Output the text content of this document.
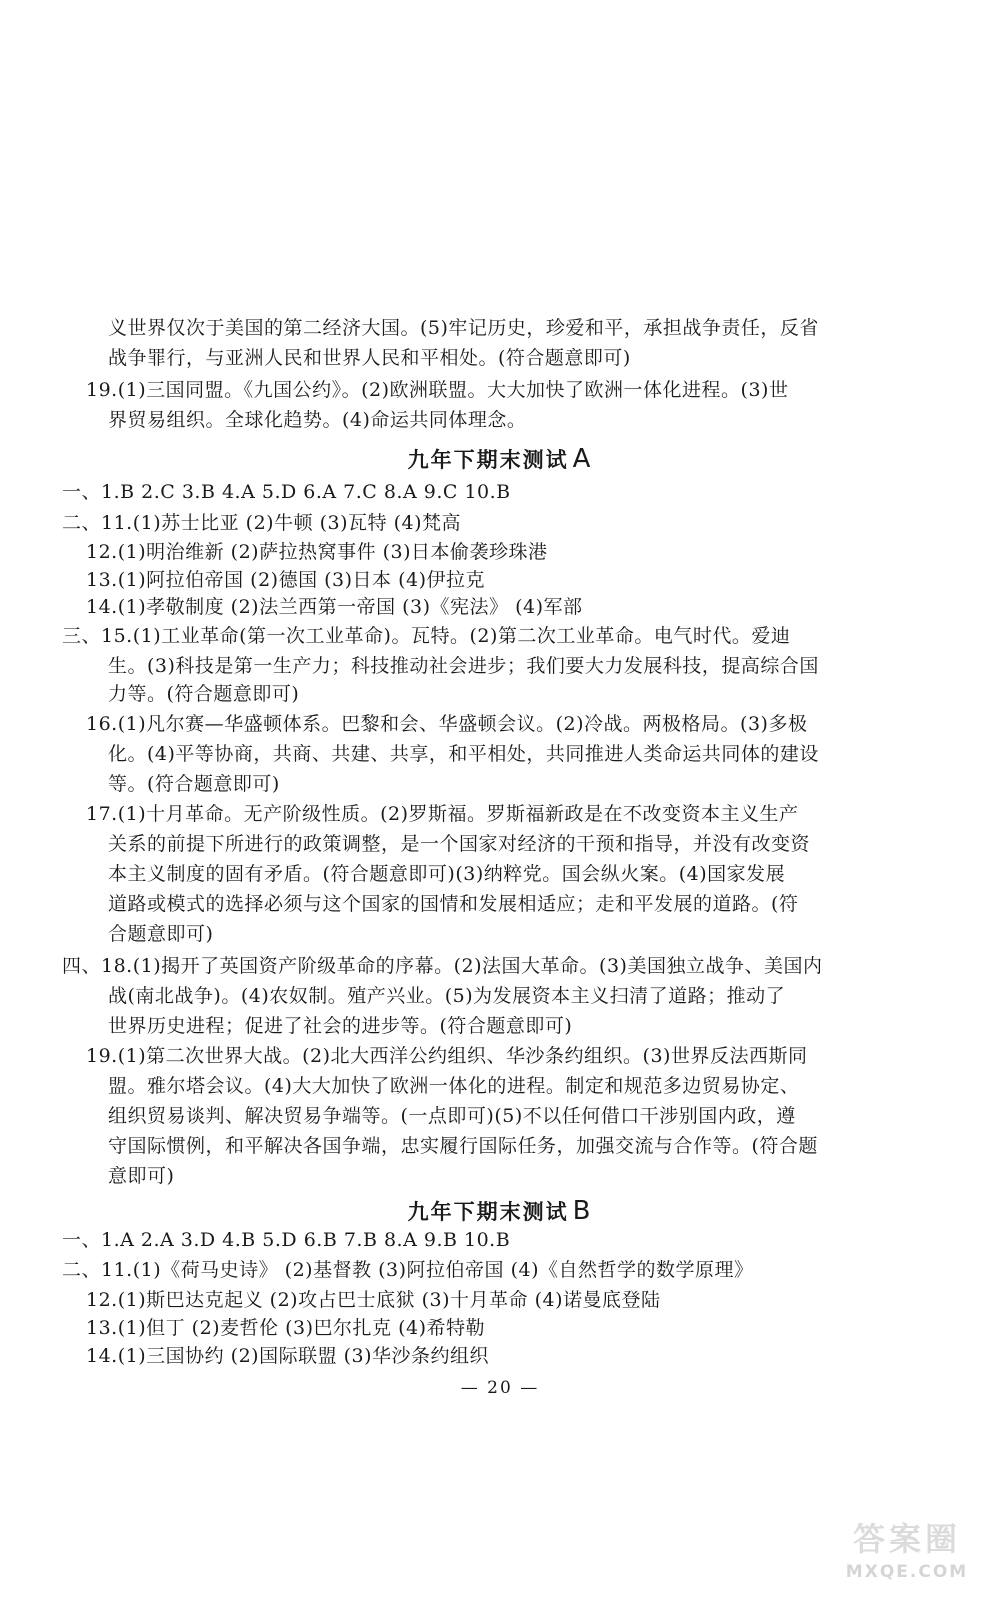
义世界仅次于美国的第二经济大国。(5)牢记历史，珍爱和平，承担战争责任，反省
战争罪行，与亚洲人民和世界人民和平相处。(符合题意即可)
19.(1)三国同盟。《九国公约》。(2)欧洲联盟。大大加快了欧洲一体化进程。(3)世
界贸易组织。全球化趋势。(4)命运共同体理念。
九年下期末测试 A
一、1.B 2.C 3.B 4.A 5.D 6.A 7.C 8.A 9.C 10.B
二、11.(1)苏士比亚 (2)牛顿 (3)瓦特 (4)梵高
12.(1)明治维新 (2)萨拉热窝事件 (3)日本偷袭珍珠港
13.(1)阿拉伯帝国 (2)德国 (3)日本 (4)伊拉克
14.(1)孝敬制度 (2)法兰西第一帝国 (3)《宪法》 (4)军部
三、15.(1)工业革命(第一次工业革命)。瓦特。(2)第二次工业革命。电气时代。爱迪
生。(3)科技是第一生产力；科技推动社会进步；我们要大力发展科技，提高综合国
力等。(符合题意即可)
16.(1)凡尔赛—华盛顿体系。巴黎和会、华盛顿会议。(2)冷战。两极格局。(3)多极
化。(4)平等协商，共商、共建、共享，和平相处，共同推进人类命运共同体的建设
等。(符合题意即可)
17.(1)十月革命。无产阶级性质。(2)罗斯福。罗斯福新政是在不改变资本主义生产
关系的前提下所进行的政策调整，是一个国家对经济的干预和指导，并没有改变资
本主义制度的固有矛盾。(符合题意即可)(3)纳粹党。国会纵火案。(4)国家发展
道路或模式的选择必须与这个国家的国情和发展相适应；走和平发展的道路。(符
合题意即可)
四、18.(1)揭开了英国资产阶级革命的序幕。(2)法国大革命。(3)美国独立战争、美国内
战(南北战争)。(4)农奴制。殖产兴业。(5)为发展资本主义扫清了道路；推动了
世界历史进程；促进了社会的进步等。(符合题意即可)
19.(1)第二次世界大战。(2)北大西洋公约组织、华沙条约组织。(3)世界反法西斯同
盟。雅尔塔会议。(4)大大加快了欧洲一体化的进程。制定和规范多边贸易协定、
组织贸易谈判、解决贸易争端等。(一点即可)(5)不以任何借口干涉别国内政，遵
守国际惯例，和平解决各国争端，忠实履行国际任务，加强交流与合作等。(符合题
意即可)
九年下期末测试 B
一、1.A 2.A 3.D 4.B 5.D 6.B 7.B 8.A 9.B 10.B
— 20 —
二、11.(1)《荷马史诗》 (2)基督教 (3)阿拉伯帝国 (4)《自然哲学的数学原理》
12.(1)斯巴达克起义 (2)攻占巴士底狱 (3)十月革命 (4)诺曼底登陆
13.(1)但丁 (2)麦哲伦 (3)巴尔扎克 (4)希特勒
14.(1)三国协约 (2)国际联盟 (3)华沙条约组织
答案圈
MXQE.COM
